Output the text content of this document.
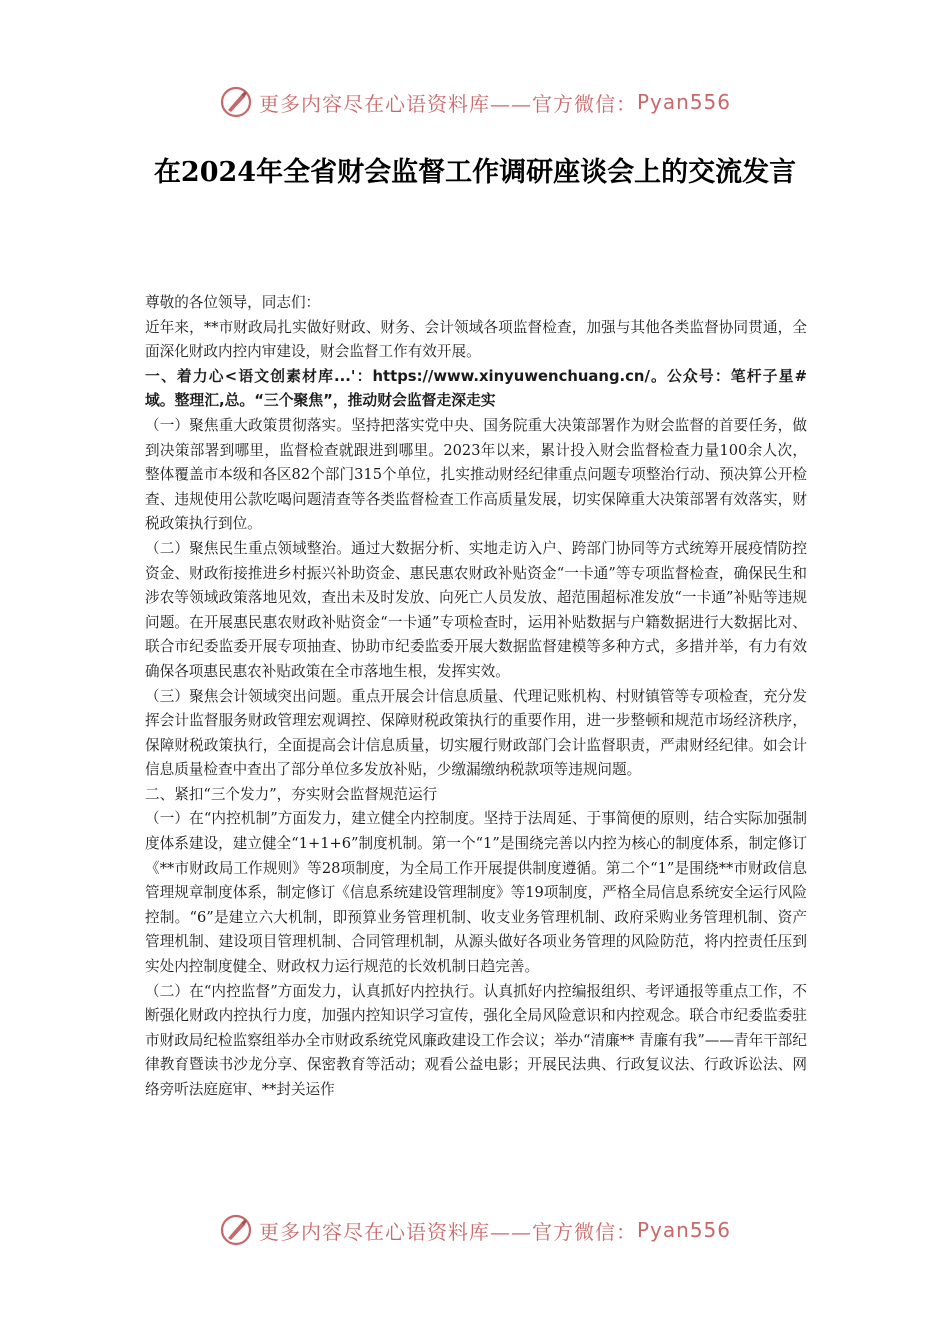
更多内容尽在心语资料库——官方微信： Pyan556
在2024年全省财会监督工作调研座谈会上的交流发言

尊敬的各位领导，同志们：

近年来，**市财政局扎实做好财政、财务、会计领域各项监督检查，加强与其他各类监督协同贯通，全面深化财政内控内审建设，财会监督工作有效开展。

一、着力心<语文创素材库...'：https://www.xinyuwenchuang.cn/。公众号：笔杆子星#域。整理汇,总。“三个聚焦”，推动财会监督走深走实

（一）聚焦重大政策贯彻落实。坚持把落实党中央、国务院重大决策部署作为财会监督的首要任务，做到决策部署到哪里，监督检查就跟进到哪里。2023年以来，累计投入财会监督检查力量100余人次，整体覆盖市本级和各区82个部门315个单位，扎实推动财经纪律重点问题专项整治行动、预决算公开检查、违规使用公款吃喝问题清查等各类监督检查工作高质量发展，切实保障重大决策部署有效落实，财税政策执行到位。

（二）聚焦民生重点领域整治。通过大数据分析、实地走访入户、跨部门协同等方式统筹开展疫情防控资金、财政衔接推进乡村振兴补助资金、惠民惠农财政补贴资金“一卡通”等专项监督检查，确保民生和涉农等领域政策落地见效，查出未及时发放、向死亡人员发放、超范围超标准发放“一卡通”补贴等违规问题。在开展惠民惠农财政补贴资金“一卡通”专项检查时，运用补贴数据与户籍数据进行大数据比对、联合市纪委监委开展专项抽查、协助市纪委监委开展大数据监督建模等多种方式，多措并举，有力有效确保各项惠民惠农补贴政策在全市落地生根，发挥实效。

（三）聚焦会计领域突出问题。重点开展会计信息质量、代理记账机构、村财镇管等专项检查，充分发挥会计监督服务财政管理宏观调控、保障财税政策执行的重要作用，进一步整顿和规范市场经济秩序，保障财税政策执行，全面提高会计信息质量，切实履行财政部门会计监督职责，严肃财经纪律。如会计信息质量检查中查出了部分单位多发放补贴，少缴漏缴纳税款项等违规问题。

二、紧扣“三个发力”，夯实财会监督规范运行

（一）在“内控机制”方面发力，建立健全内控制度。坚持于法周延、于事简便的原则，结合实际加强制度体系建设，建立健全“1+1+6”制度机制。第一个“1”是围绕完善以内控为核心的制度体系，制定修订《**市财政局工作规则》等28项制度，为全局工作开展提供制度遵循。第二个“1”是围绕**市财政信息管理规章制度体系，制定修订《信息系统建设管理制度》等19项制度，严格全局信息系统安全运行风险控制。“6”是建立六大机制，即预算业务管理机制、收支业务管理机制、政府采购业务管理机制、资产管理机制、建设项目管理机制、合同管理机制，从源头做好各项业务管理的风险防范，将内控责任压到实处内控制度健全、财政权力运行规范的长效机制日趋完善。

（二）在“内控监督”方面发力，认真抓好内控执行。认真抓好内控编报组织、考评通报等重点工作，不断强化财政内控执行力度，加强内控知识学习宣传，强化全局风险意识和内控观念。联合市纪委监委驻市财政局纪检监察组举办全市财政系统党风廉政建设工作会议；举办“清廉** 青廉有我”——青年干部纪律教育暨读书沙龙分享、保密教育等活动；观看公益电影；开展民法典、行政复议法、行政诉讼法、网络旁听法庭庭审、**封关运作

更多内容尽在心语资料库——官方微信： Pyan556
